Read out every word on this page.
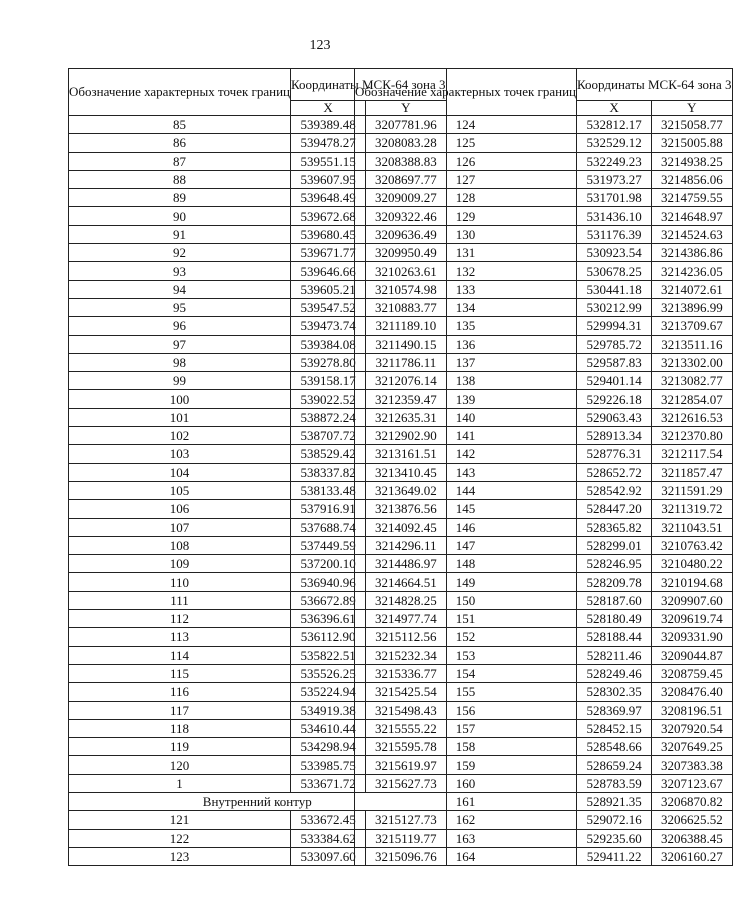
123
Обозначение характерных точек границ	Координаты МСК-64 зона 3	
	X	Y
85	539389.48	3207781.96
86	539478.27	3208083.28
87	539551.15	3208388.83
88	539607.95	3208697.77
89	539648.49	3209009.27
90	539672.68	3209322.46
91	539680.45	3209636.49
92	539671.77	3209950.49
93	539646.66	3210263.61
94	539605.21	3210574.98
95	539547.52	3210883.77
96	539473.74	3211189.10
97	539384.08	3211490.15
98	539278.80	3211786.11
99	539158.17	3212076.14
100	539022.52	3212359.47
101	538872.24	3212635.31
102	538707.72	3212902.90
103	538529.42	3213161.51
104	538337.82	3213410.45
105	538133.48	3213649.02
106	537916.91	3213876.56
107	537688.74	3214092.45
108	537449.59	3214296.11
109	537200.10	3214486.97
110	536940.96	3214664.51
111	536672.89	3214828.25
112	536396.61	3214977.74
113	536112.90	3215112.56
114	535822.51	3215232.34
115	535526.25	3215336.77
116	535224.94	3215425.54
117	534919.38	3215498.43
118	534610.44	3215555.22
119	534298.94	3215595.78
120	533985.75	3215619.97
1	533671.72	3215627.73
Внутренний контур		
121	533672.45	3215127.73
122	533384.62	3215119.77
123	533097.60	3215096.76
Обозначение характерных точек границ	Координаты МСК-64 зона 3	
	X	Y
124	532812.17	3215058.77
125	532529.12	3215005.88
126	532249.23	3214938.25
127	531973.27	3214856.06
128	531701.98	3214759.55
129	531436.10	3214648.97
130	531176.39	3214524.63
131	530923.54	3214386.86
132	530678.25	3214236.05
133	530441.18	3214072.61
134	530212.99	3213896.99
135	529994.31	3213709.67
136	529785.72	3213511.16
137	529587.83	3213302.00
138	529401.14	3213082.77
139	529226.18	3212854.07
140	529063.43	3212616.53
141	528913.34	3212370.80
142	528776.31	3212117.54
143	528652.72	3211857.47
144	528542.92	3211591.29
145	528447.20	3211319.72
146	528365.82	3211043.51
147	528299.01	3210763.42
148	528246.95	3210480.22
149	528209.78	3210194.68
150	528187.60	3209907.60
151	528180.49	3209619.74
152	528188.44	3209331.90
153	528211.46	3209044.87
154	528249.46	3208759.45
155	528302.35	3208476.40
156	528369.97	3208196.51
157	528452.15	3207920.54
158	528548.66	3207649.25
159	528659.24	3207383.38
160	528783.59	3207123.67
161	528921.35	3206870.82
162	529072.16	3206625.52
163	529235.60	3206388.45
164	529411.22	3206160.27
